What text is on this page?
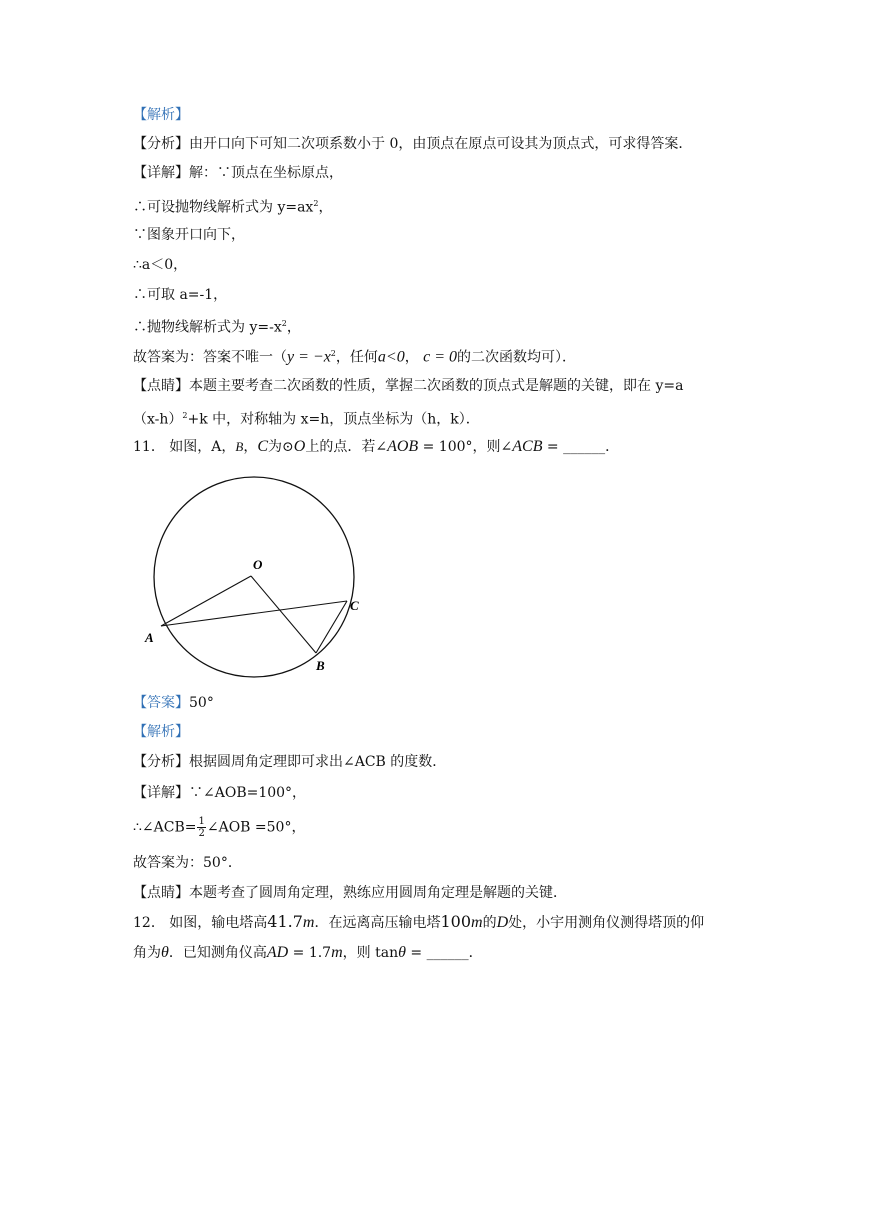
【解析】
【分析】由开口向下可知二次项系数小于 0，由顶点在原点可设其为顶点式，可求得答案．
【详解】解：∵顶点在坐标原点，
∴可设抛物线解析式为 $y=ax^2$，
∵图象开口向下，
∴a＜0，
∴可取 a=-1，
∴抛物线解析式为 $y=-x^2$，
故答案为：答案不唯一（$y = -x^2$，任何a<0， c = 0的二次函数均可）．
【点睛】本题主要考查二次函数的性质，掌握二次函数的顶点式是解题的关键，即在 y=a
$(x-h)^2+k$ 中，对称轴为 x=h，顶点坐标为（h，k）．
11． 如图，A，B，C为⊙O上的点．若∠AOB = 100°，则∠ACB = ______．
O
A
B
C
【答案】50°
【解析】
【分析】根据圆周角定理即可求出∠ACB 的度数．
【详解】∵∠AOB=100°，
∴∠ACB= $\frac{1}{2}$ ∠AOB =50°，
故答案为：50°．
【点睛】本题考查了圆周角定理，熟练应用圆周角定理是解题的关键．
12． 如图，输电塔高41.7m．在远离高压输电塔100m的D处，小宇用测角仪测得塔顶的仰
角为θ．已知测角仪高AD = 1.7m，则 tanθ = ______．
